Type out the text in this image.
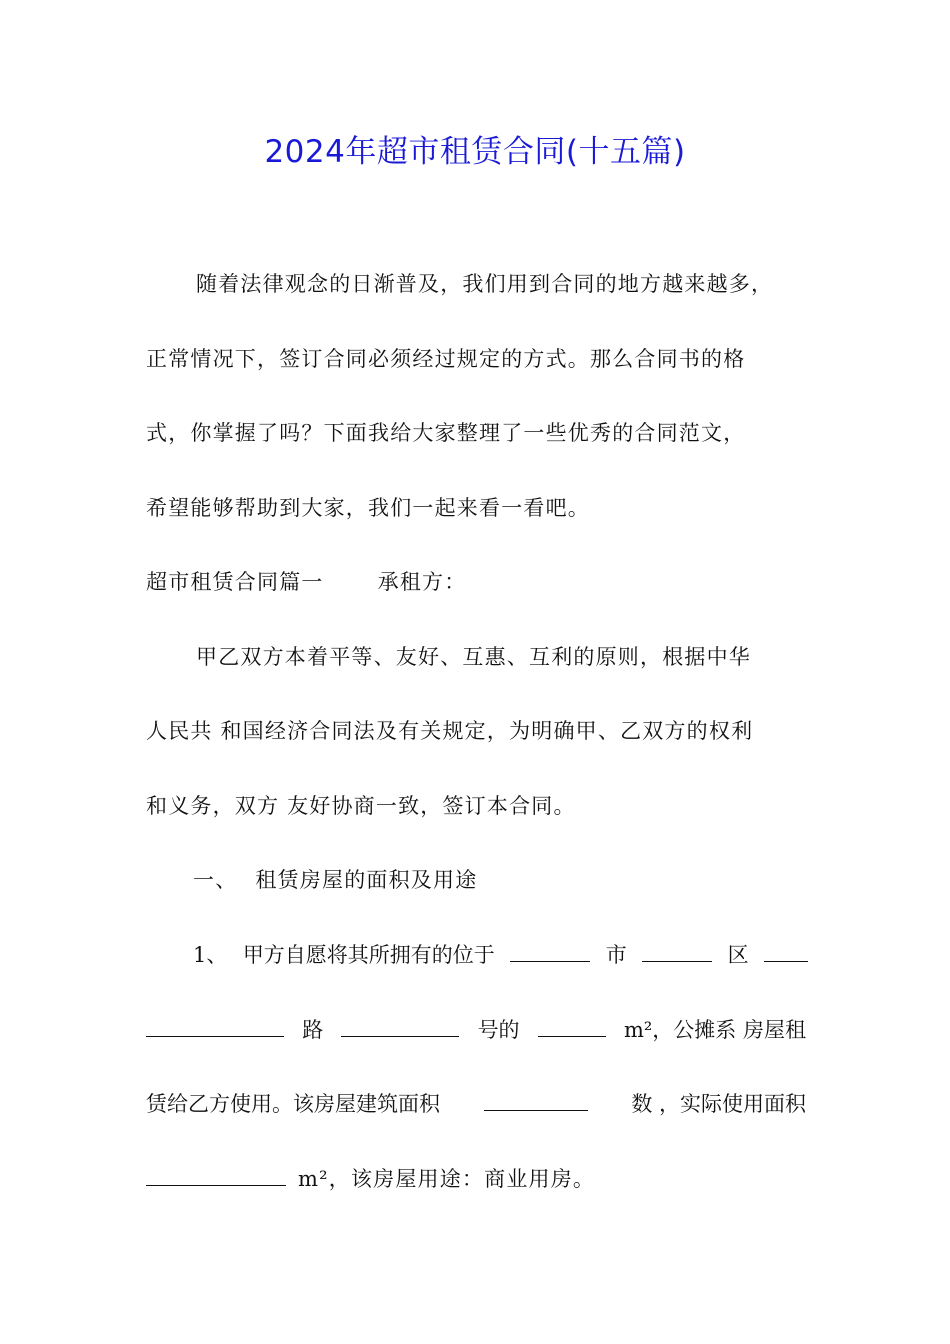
2024年超市租赁合同(十五篇)
随着法律观念的日渐普及，我们用到合同的地方越来越多，
正常情况下，签订合同必须经过规定的方式。那么合同书的格
式，你掌握了吗？下面我给大家整理了一些优秀的合同范文，
希望能够帮助到大家，我们一起来看一看吧。
超市租赁合同篇一	承租方：
甲乙双方本着平等、友好、互惠、互利的原则，根据中华
人民共 和国经济合同法及有关规定，为明确甲、乙双方的权利
和义务，双方 友好协商一致，签订本合同。
一、 租赁房屋的面积及用途
1、 甲方自愿将其所拥有的位于	市	区
路	号的	m²，公摊系 房屋租
赁给乙方使用。该房屋建筑面积	数 ，实际使用面积
m²，该房屋用途：商业用房。
